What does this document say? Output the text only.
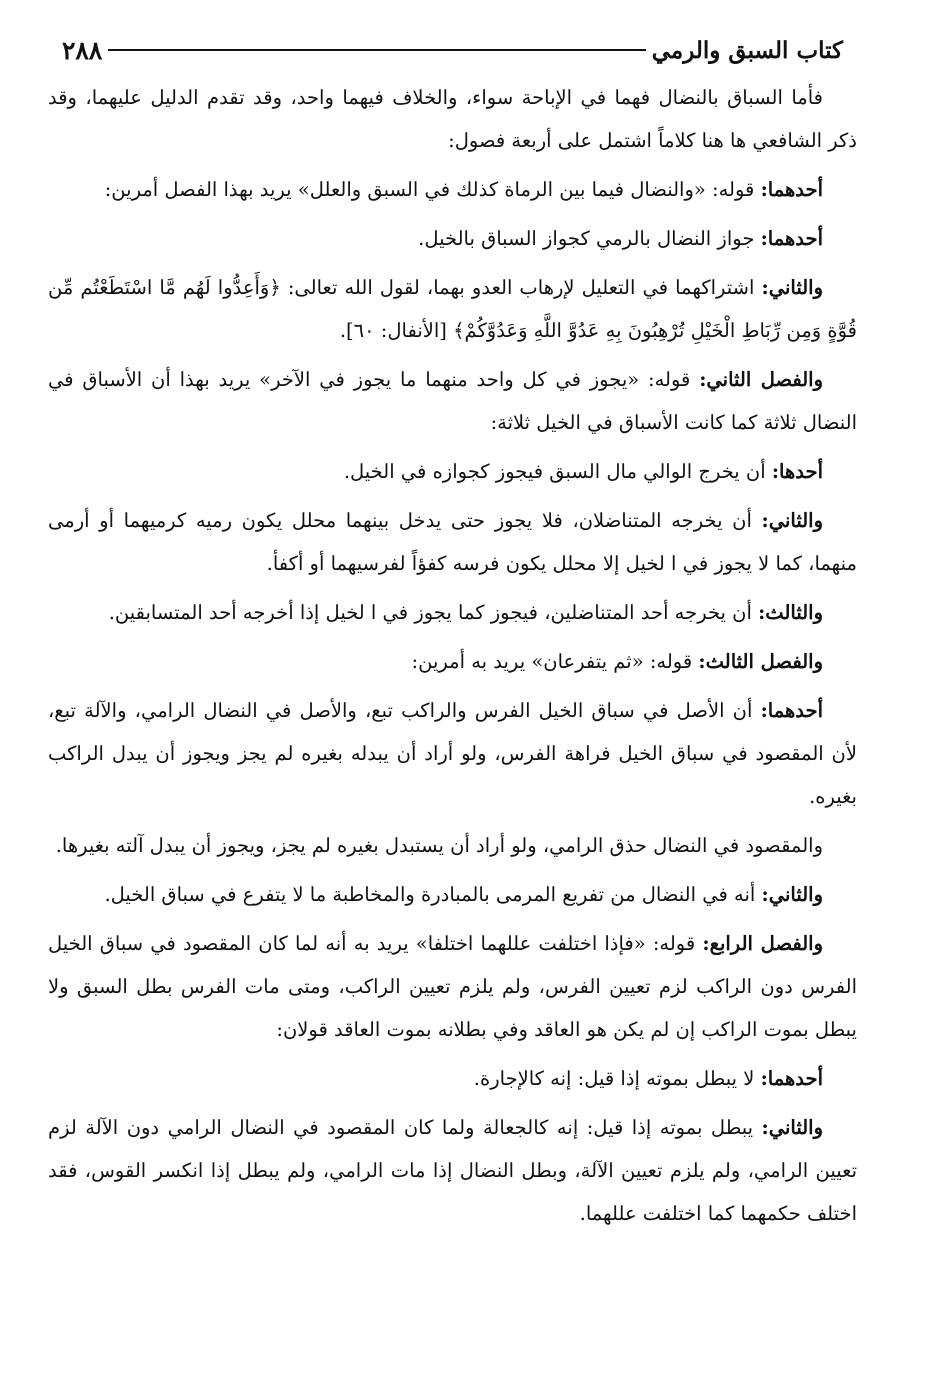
كتاب السبق والرمي
٢٨٨

فأما السباق بالنضال فهما في الإباحة سواء، والخلاف فيهما واحد، وقد تقدم الدليل عليهما، وقد ذكر الشافعي ها هنا كلاماً اشتمل على أربعة فصول:

أحدهما: قوله: «والنضال فيما بين الرماة كذلك في السبق والعلل» يريد بهذا الفصل أمرين:

أحدهما: جواز النضال بالرمي كجواز السباق بالخيل.

والثاني: اشتراكهما في التعليل لإرهاب العدو بهما، لقول الله تعالى: ﴿وَأَعِدُّوا لَهُم مَّا اسْتَطَعْتُم مِّن قُوَّةٍ وَمِن رِّبَاطِ الْخَيْلِ تُرْهِبُونَ بِهِ عَدُوَّ اللَّهِ وَعَدُوَّكُمْ﴾ [الأنفال: ٦٠].

والفصل الثاني: قوله: «يجوز في كل واحد منهما ما يجوز في الآخر» يريد بهذا أن الأسباق في النضال ثلاثة كما كانت الأسباق في الخيل ثلاثة:

أحدها: أن يخرج الوالي مال السبق فيجوز كجوازه في الخيل.

والثاني: أن يخرجه المتناضلان، فلا يجوز حتى يدخل بينهما محلل يكون رميه كرميهما أو أرمى منهما، كما لا يجوز في ا لخيل إلا محلل يكون فرسه كفؤاً لفرسيهما أو أكفأ.

والثالث: أن يخرجه أحد المتناضلين، فيجوز كما يجوز في ا لخيل إذا أخرجه أحد المتسابقين.

والفصل الثالث: قوله: «ثم يتفرعان» يريد به أمرين:

أحدهما: أن الأصل في سباق الخيل الفرس والراكب تبع، والأصل في النضال الرامي، والآلة تبع، لأن المقصود في سباق الخيل فراهة الفرس، ولو أراد أن يبدله بغيره لم يجز ويجوز أن يبدل الراكب بغيره.

والمقصود في النضال حذق الرامي، ولو أراد أن يستبدل بغيره لم يجز، ويجوز أن يبدل آلته بغيرها.

والثاني: أنه في النضال من تفريع المرمى بالمبادرة والمخاطبة ما لا يتفرع في سباق الخيل.

والفصل الرابع: قوله: «فإذا اختلفت عللهما اختلفا» يريد به أنه لما كان المقصود في سباق الخيل الفرس دون الراكب لزم تعيين الفرس، ولم يلزم تعيين الراكب، ومتى مات الفرس بطل السبق ولا يبطل بموت الراكب إن لم يكن هو العاقد وفي بطلانه بموت العاقد قولان:

أحدهما: لا يبطل بموته إذا قيل: إنه كالإجارة.

والثاني: يبطل بموته إذا قيل: إنه كالجعالة ولما كان المقصود في النضال الرامي دون الآلة لزم تعيين الرامي، ولم يلزم تعيين الآلة، وبطل النضال إذا مات الرامي، ولم يبطل إذا انكسر القوس، فقد اختلف حكمهما كما اختلفت عللهما.
